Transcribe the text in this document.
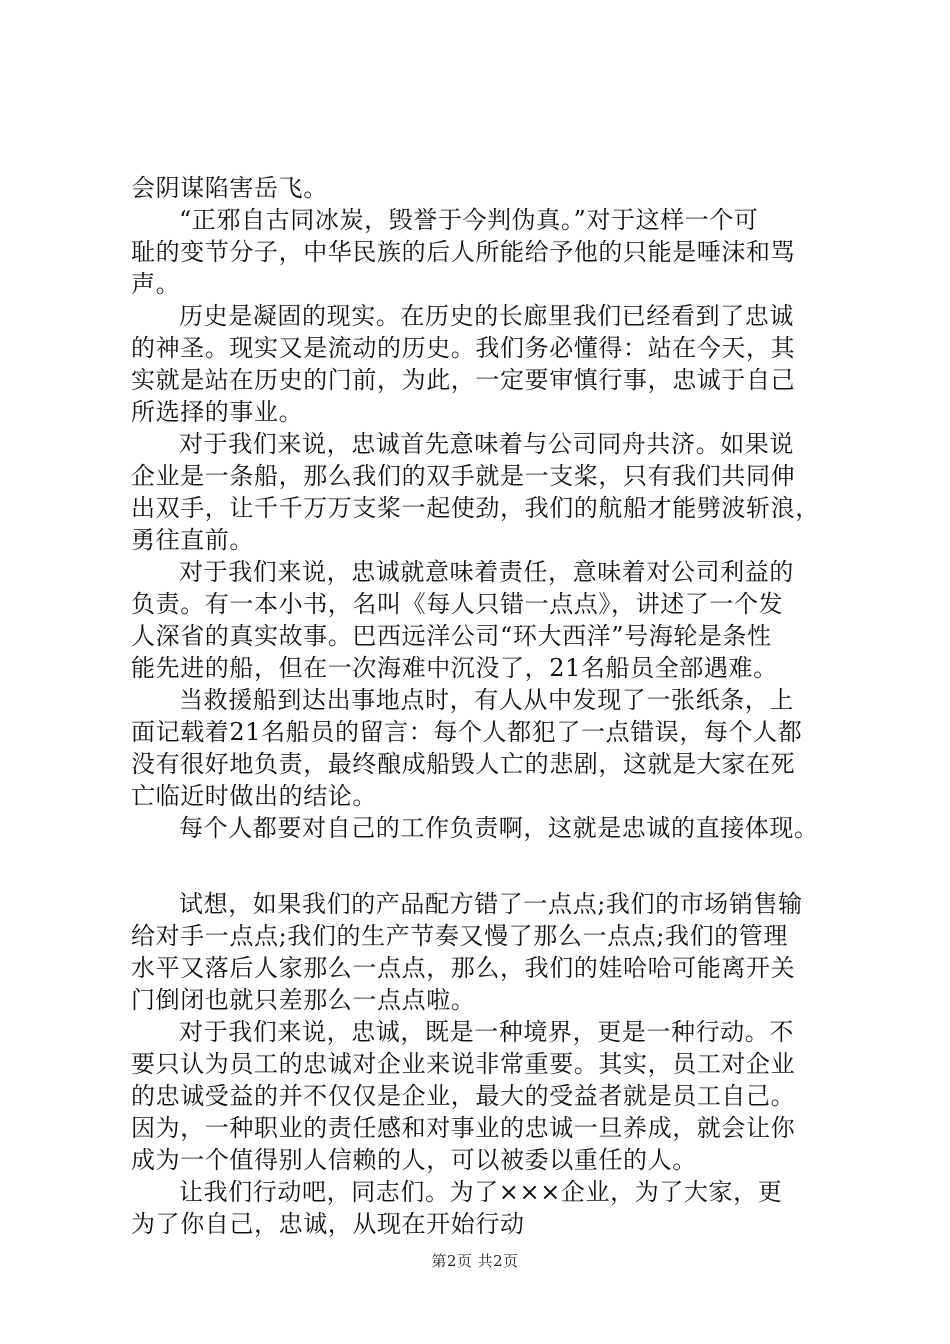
会阴谋陷害岳飞。
“正邪自古同冰炭，毁誉于今判伪真。”对于这样一个可
耻的变节分子，中华民族的后人所能给予他的只能是唾沫和骂
声。
历史是凝固的现实。在历史的长廊里我们已经看到了忠诚
的神圣。现实又是流动的历史。我们务必懂得：站在今天，其
实就是站在历史的门前，为此，一定要审慎行事，忠诚于自己
所选择的事业。
对于我们来说，忠诚首先意味着与公司同舟共济。如果说
企业是一条船，那么我们的双手就是一支桨，只有我们共同伸
出双手，让千千万万支桨一起使劲，我们的航船才能劈波斩浪，
勇往直前。
对于我们来说，忠诚就意味着责任，意味着对公司利益的
负责。有一本小书，名叫《每人只错一点点》，讲述了一个发
人深省的真实故事。巴西远洋公司“环大西洋”号海轮是条性
能先进的船，但在一次海难中沉没了，21名船员全部遇难。
当救援船到达出事地点时，有人从中发现了一张纸条，上
面记载着21名船员的留言：每个人都犯了一点错误，每个人都
没有很好地负责，最终酿成船毁人亡的悲剧，这就是大家在死
亡临近时做出的结论。
每个人都要对自己的工作负责啊，这就是忠诚的直接体现。
试想，如果我们的产品配方错了一点点;我们的市场销售输
给对手一点点;我们的生产节奏又慢了那么一点点;我们的管理
水平又落后人家那么一点点，那么，我们的娃哈哈可能离开关
门倒闭也就只差那么一点点啦。
对于我们来说，忠诚，既是一种境界，更是一种行动。不
要只认为员工的忠诚对企业来说非常重要。其实，员工对企业
的忠诚受益的并不仅仅是企业，最大的受益者就是员工自己。
因为，一种职业的责任感和对事业的忠诚一旦养成，就会让你
成为一个值得别人信赖的人，可以被委以重任的人。
让我们行动吧，同志们。为了×××企业，为了大家，更
为了你自己，忠诚，从现在开始行动
第2页 共2页
